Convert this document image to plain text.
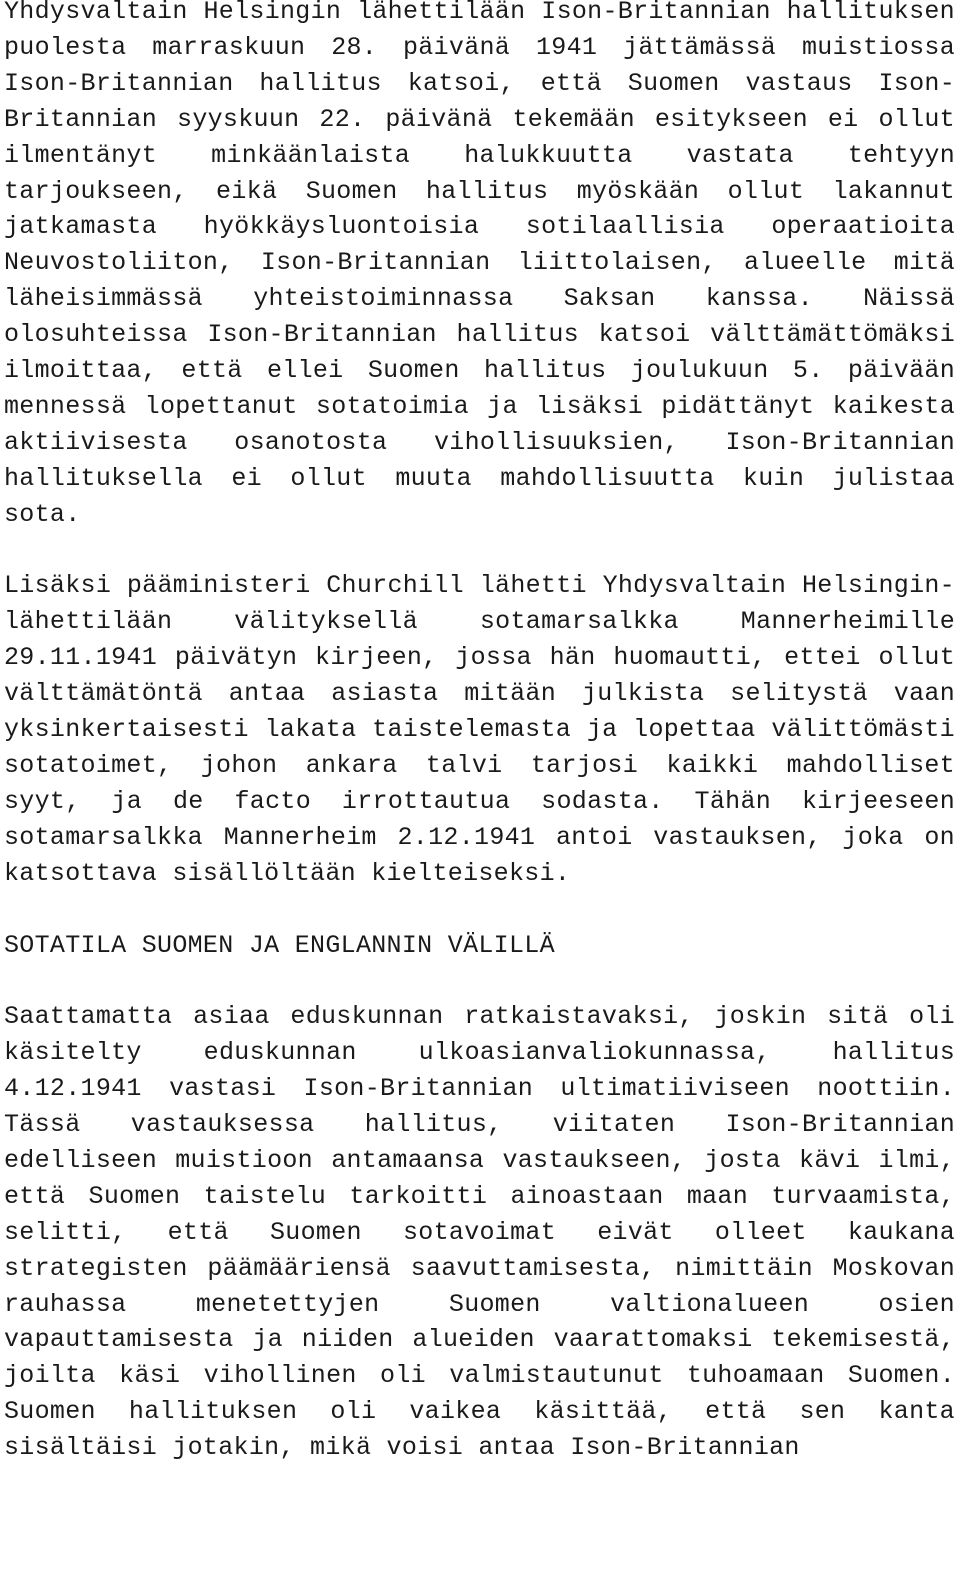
Yhdysvaltain Helsingin lähettilään Ison-Britannian hallituksen puolesta marraskuun 28. päivänä 1941 jättämässä muistiossa Ison-Britannian hallitus katsoi, että Suomen vastaus Ison-Britannian syyskuun 22. päivänä tekemään esitykseen ei ollut ilmentänyt minkäänlaista halukkuutta vastata tehtyyn tarjoukseen, eikä Suomen hallitus myöskään ollut lakannut jatkamasta hyökkäysluontoisia sotilaallisia operaatioita Neuvostoliiton, Ison-Britannian liittolaisen, alueelle mitä läheisimmässä yhteistoiminnassa Saksan kanssa. Näissä olosuhteissa Ison-Britannian hallitus katsoi välttämättömäksi ilmoittaa, että ellei Suomen hallitus joulukuun 5. päivään mennessä lopettanut sotatoimia ja lisäksi pidättänyt kaikesta aktiivisesta osanotosta vihollisuuksien, Ison-Britannian hallituksella ei ollut muuta mahdollisuutta kuin julistaa sota.

Lisäksi pääministeri Churchill lähetti Yhdysvaltain Helsingin-lähettilään välityksellä sotamarsalkka Mannerheimille 29.11.1941 päivätyn kirjeen, jossa hän huomautti, ettei ollut välttämätöntä antaa asiasta mitään julkista selitystä vaan yksinkertaisesti lakata taistelemasta ja lopettaa välittömästi sotatoimet, johon ankara talvi tarjosi kaikki mahdolliset syyt, ja de facto irrottautua sodasta. Tähän kirjeeseen sotamarsalkka Mannerheim 2.12.1941 antoi vastauksen, joka on katsottava sisällöltään kielteiseksi.

SOTATILA SUOMEN JA ENGLANNIN VÄLILLÄ

Saattamatta asiaa eduskunnan ratkaistavaksi, joskin sitä oli käsitelty eduskunnan ulkoasianvaliokunnassa, hallitus 4.12.1941 vastasi Ison-Britannian ultimatiiviseen noottiin. Tässä vastauksessa hallitus, viitaten Ison-Britannian edelliseen muistioon antamaansa vastaukseen, josta kävi ilmi, että Suomen taistelu tarkoitti ainoastaan maan turvaamista, selitti, että Suomen sotavoimat eivät olleet kaukana strategisten päämääriensä saavuttamisesta, nimittäin Moskovan rauhassa menetettyjen Suomen valtionalueen osien vapauttamisesta ja niiden alueiden vaarattomaksi tekemisestä, joilta käsi vihollinen oli valmistautunut tuhoamaan Suomen. Suomen hallituksen oli vaikea käsittää, että sen kanta sisältäisi jotakin, mikä voisi antaa Ison-Britannian
